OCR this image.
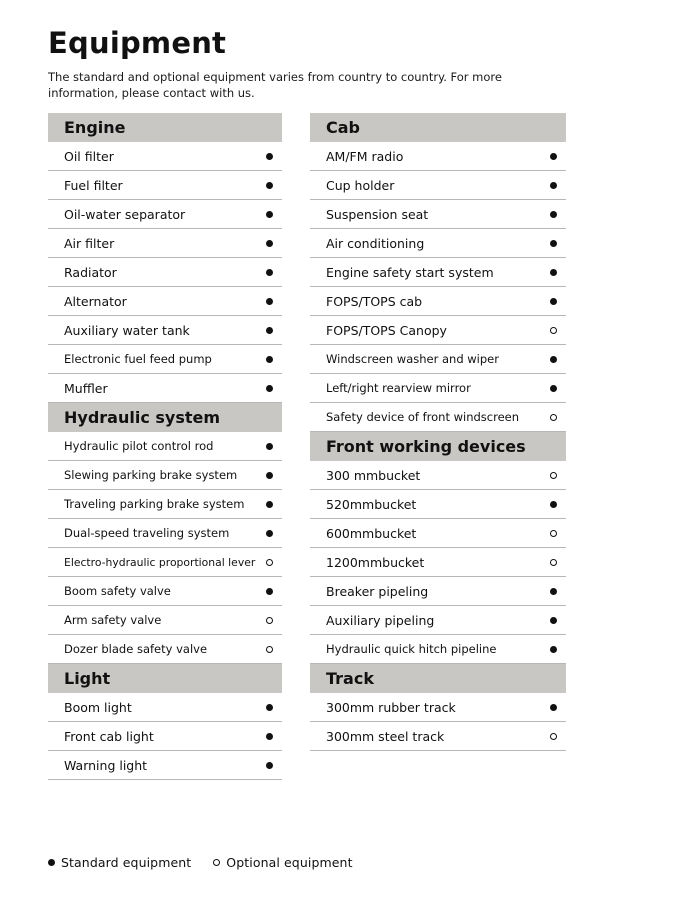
Equipment
The standard and optional equipment varies from country to country. For more information, please contact with us.
Engine
Oil filter
Fuel filter
Oil-water separator
Air filter
Radiator
Alternator
Auxiliary water tank
Electronic fuel feed pump
Muffler
Hydraulic system
Hydraulic pilot control rod
Slewing parking brake system
Traveling parking brake system
Dual-speed traveling system
Electro-hydraulic proportional lever
Boom safety valve
Arm safety valve
Dozer blade safety valve
Light
Boom light
Front cab light
Warning light
Cab
AM/FM radio
Cup holder
Suspension seat
Air conditioning
Engine safety start system
FOPS/TOPS cab
FOPS/TOPS Canopy
Windscreen washer and wiper
Left/right rearview mirror
Safety device of front windscreen
Front working devices
300 mmbucket
520mmbucket
600mmbucket
1200mmbucket
Breaker pipeling
Auxiliary pipeling
Hydraulic quick hitch pipeline
Track
300mm rubber track
300mm steel track
Standard equipment	Optional equipment
